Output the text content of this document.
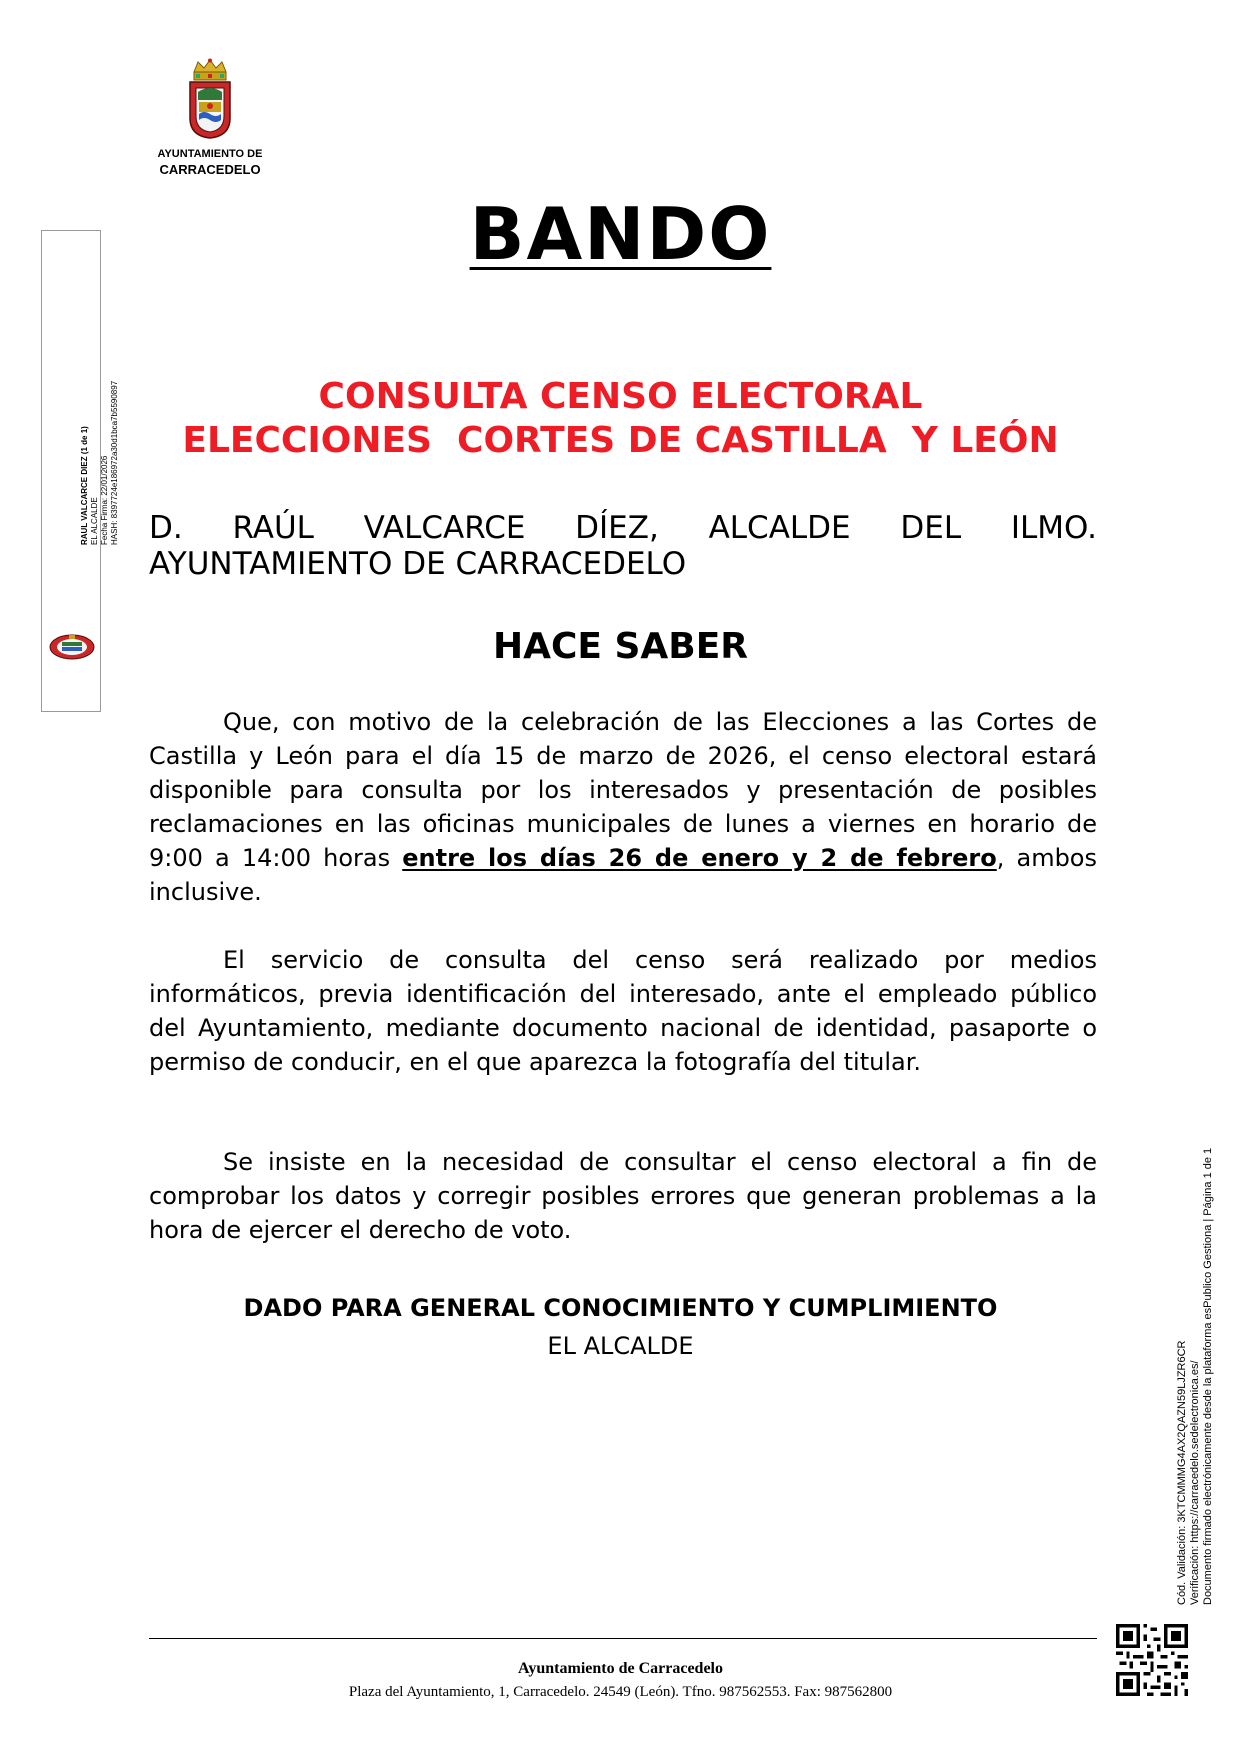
AYUNTAMIENTO DE
CARRACEDELO
RAUL VALCARCE DIEZ (1 de 1) EL ALCALDE Fecha Firma: 22/01/2026 HASH: 8397724e186972a30d1bca7b5590897
BANDO
CONSULTA CENSO ELECTORAL
ELECCIONES  CORTES DE CASTILLA  Y LEÓN
D. RAÚL VALCARCE DÍEZ, ALCALDE DEL ILMO. AYUNTAMIENTO DE CARRACEDELO
HACE SABER

Que, con motivo de la celebración de las Elecciones a las Cortes de Castilla y León para el día 15 de marzo de 2026, el censo electoral estará disponible para consulta por los interesados y presentación de posibles reclamaciones en las oficinas municipales de lunes a viernes en horario de 9:00 a 14:00 horas entre los días 26 de enero y 2 de febrero, ambos inclusive.

El servicio de consulta del censo será realizado por medios informáticos, previa identificación del interesado, ante el empleado público del Ayuntamiento, mediante documento nacional de identidad, pasaporte o permiso de conducir, en el que aparezca la fotografía del titular.

Se insiste en la necesidad de consultar el censo electoral a fin de comprobar los datos y corregir posibles errores que generan problemas a la hora de ejercer el derecho de voto.

DADO PARA GENERAL CONOCIMIENTO Y CUMPLIMIENTO
EL ALCALDE	Cód. Validación: 3KTCMMMG4AX2QAZN59LJZR6CR Verificación: https://carracedelo.sedelectronica.es/ Documento firmado electrónicamente desde la plataforma esPublico Gestiona | Página 1 de 1
Ayuntamiento de Carracedelo
Plaza del Ayuntamiento, 1, Carracedelo. 24549 (León). Tfno. 987562553. Fax: 987562800
